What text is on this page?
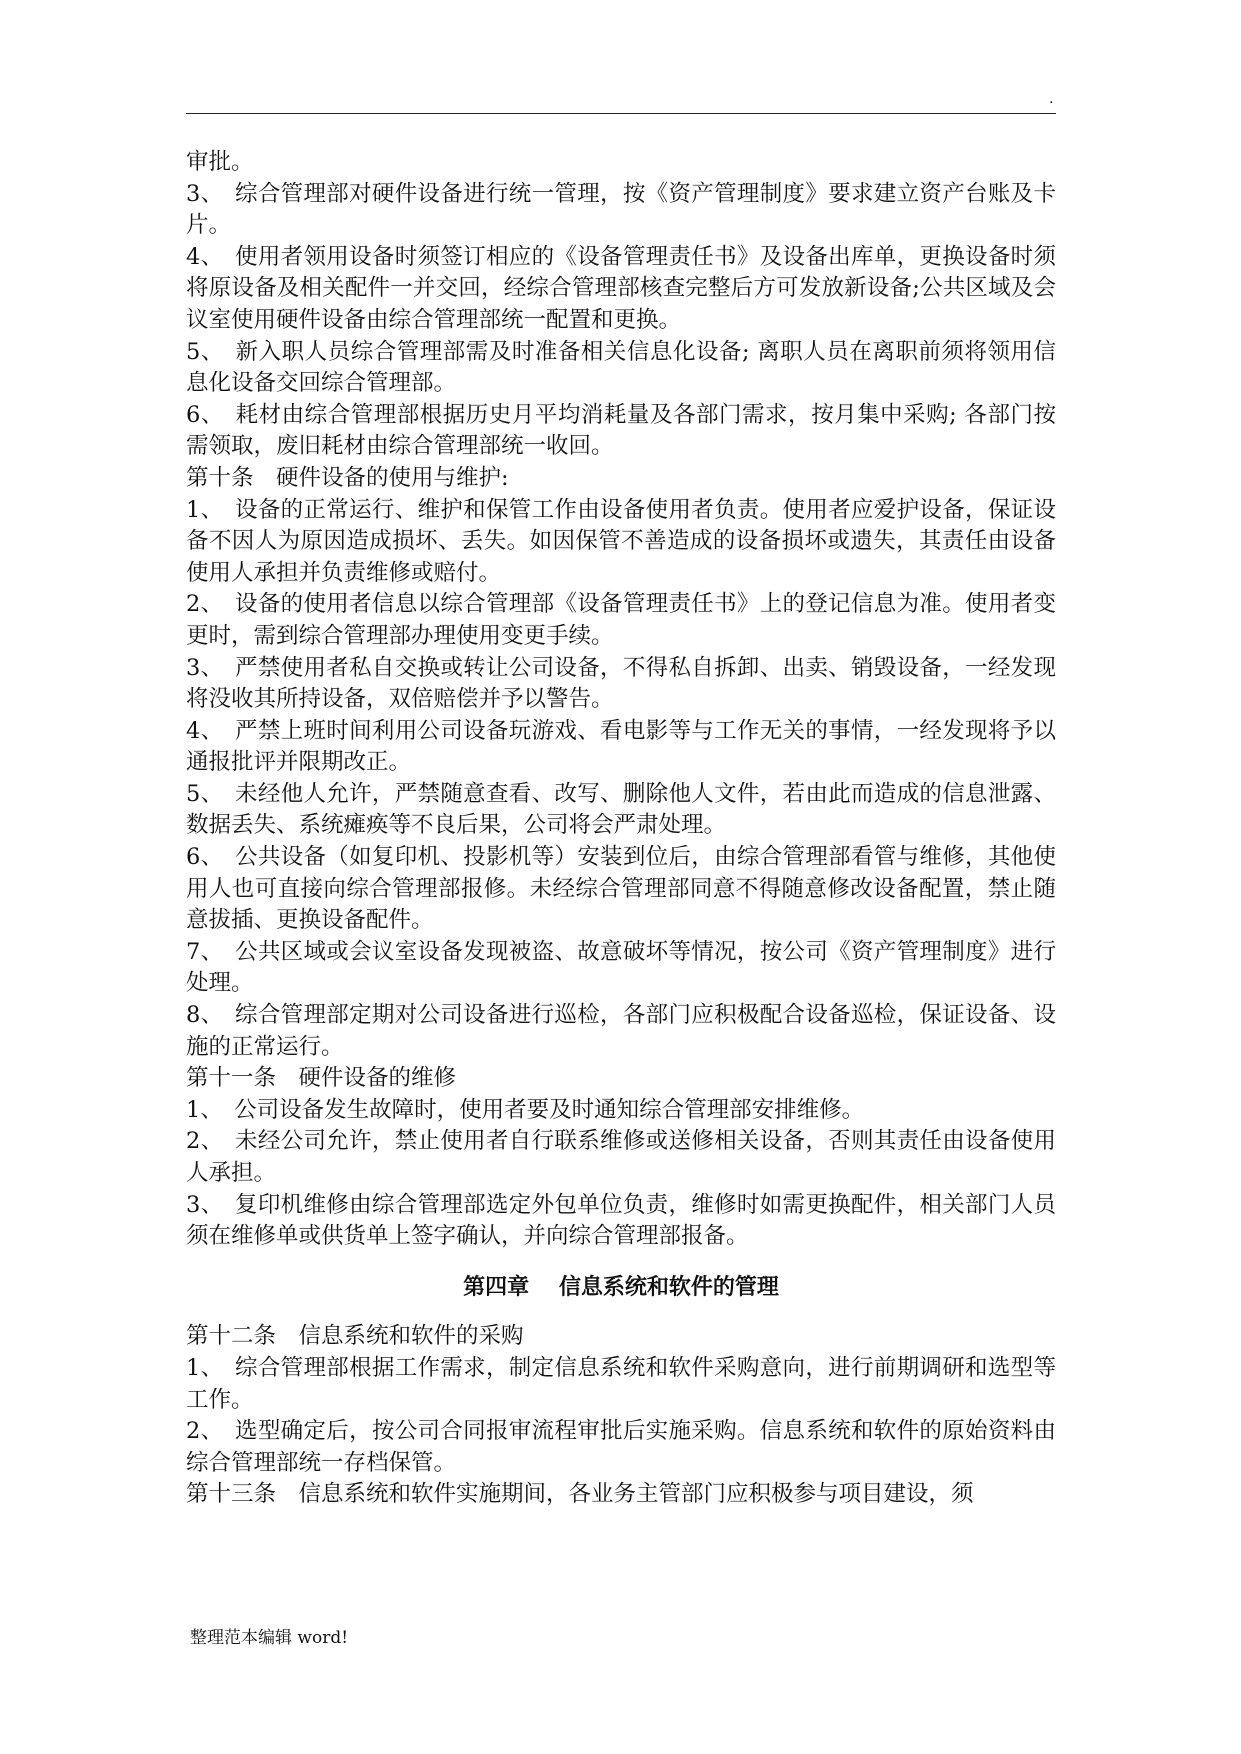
.

审批。

3、　综合管理部对硬件设备进行统一管理，按《资产管理制度》要求建立资产台账及卡片。

4、　使用者领用设备时须签订相应的《设备管理责任书》及设备出库单，更换设备时须将原设备及相关配件一并交回，经综合管理部核查完整后方可发放新设备;公共区域及会议室使用硬件设备由综合管理部统一配置和更换。

5、　新入职人员综合管理部需及时准备相关信息化设备; 离职人员在离职前须将领用信息化设备交回综合管理部。

6、　耗材由综合管理部根据历史月平均消耗量及各部门需求，按月集中采购; 各部门按需领取，废旧耗材由综合管理部统一收回。

第十条　硬件设备的使用与维护:

1、　设备的正常运行、维护和保管工作由设备使用者负责。使用者应爱护设备，保证设备不因人为原因造成损坏、丢失。如因保管不善造成的设备损坏或遗失，其责任由设备使用人承担并负责维修或赔付。

2、　设备的使用者信息以综合管理部《设备管理责任书》上的登记信息为准。使用者变更时，需到综合管理部办理使用变更手续。

3、　严禁使用者私自交换或转让公司设备，不得私自拆卸、出卖、销毁设备，一经发现将没收其所持设备，双倍赔偿并予以警告。

4、　严禁上班时间利用公司设备玩游戏、看电影等与工作无关的事情，一经发现将予以通报批评并限期改正。

5、　未经他人允许，严禁随意查看、改写、删除他人文件，若由此而造成的信息泄露、数据丢失、系统瘫痪等不良后果，公司将会严肃处理。

6、　公共设备（如复印机、投影机等）安装到位后，由综合管理部看管与维修，其他使用人也可直接向综合管理部报修。未经综合管理部同意不得随意修改设备配置，禁止随意拔插、更换设备配件。

7、　公共区域或会议室设备发现被盗、故意破坏等情况，按公司《资产管理制度》进行处理。

8、　综合管理部定期对公司设备进行巡检，各部门应积极配合设备巡检，保证设备、设施的正常运行。

第十一条　硬件设备的维修

1、　公司设备发生故障时，使用者要及时通知综合管理部安排维修。

2、　未经公司允许，禁止使用者自行联系维修或送修相关设备，否则其责任由设备使用人承担。

3、　复印机维修由综合管理部选定外包单位负责，维修时如需更换配件，相关部门人员须在维修单或供货单上签字确认，并向综合管理部报备。

第四章　 信息系统和软件的管理

第十二条　信息系统和软件的采购

1、　综合管理部根据工作需求，制定信息系统和软件采购意向，进行前期调研和选型等工作。

2、　选型确定后，按公司合同报审流程审批后实施采购。信息系统和软件的原始资料由综合管理部统一存档保管。

第十三条　信息系统和软件实施期间，各业务主管部门应积极参与项目建设，须

整理范本编辑 word!
